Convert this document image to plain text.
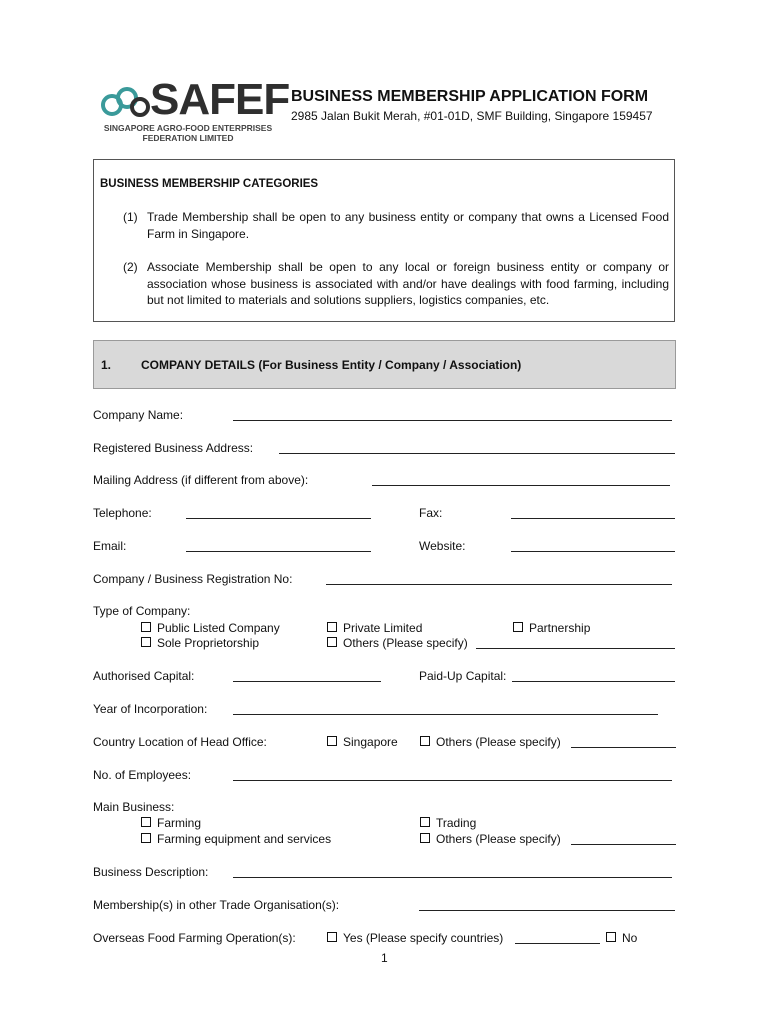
SAFEF
SINGAPORE AGRO-FOOD ENTERPRISES
FEDERATION LIMITED
BUSINESS MEMBERSHIP APPLICATION FORM
2985 Jalan Bukit Merah, #01-01D, SMF Building, Singapore 159457
BUSINESS MEMBERSHIP CATEGORIES
(1) Trade Membership shall be open to any business entity or company that owns a Licensed Food Farm in Singapore.
(2) Associate Membership shall be open to any local or foreign business entity or company or association whose business is associated with and/or have dealings with food farming, including but not limited to materials and solutions suppliers, logistics companies, etc.
1. COMPANY DETAILS (For Business Entity / Company / Association)
Company Name:
Registered Business Address:
Mailing Address (if different from above):
Telephone:	Fax:
Email:	Website:
Company / Business Registration No:
Type of Company:
Public Listed Company	Private Limited	Partnership
Sole Proprietorship	Others (Please specify)
Authorised Capital:	Paid-Up Capital:
Year of Incorporation:
Country Location of Head Office:	Singapore	Others (Please specify)
No. of Employees:
Main Business:
Farming	Trading
Farming equipment and services	Others (Please specify)
Business Description:
Membership(s) in other Trade Organisation(s):
Overseas Food Farming Operation(s):	Yes (Please specify countries)	No
1
